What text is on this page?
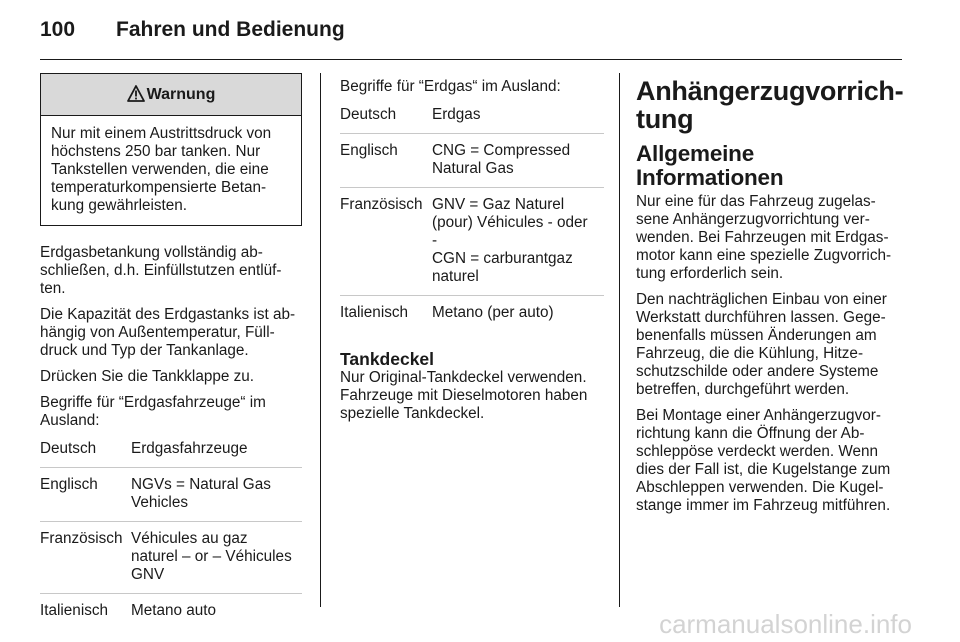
100 Fahren und Bedienung
Warnung
Nur mit einem Austrittsdruck von
höchstens 250 bar tanken. Nur
Tankstellen verwenden, die eine
temperaturkompensierte Betan-
kung gewährleisten.

Erdgasbetankung vollständig ab-
schließen, d.h. Einfüllstutzen entlüf-
ten.

Die Kapazität des Erdgastanks ist ab-
hängig von Außentemperatur, Füll-
druck und Typ der Tankanlage.

Drücken Sie die Tankklappe zu.

Begriffe für “Erdgasfahrzeuge“ im
Ausland:

Deutsch	Erdgasfahrzeuge
Englisch	NGVs = Natural Gas
Vehicles
Französisch Véhicules au gaz
naturel – or – Véhicules
GNV
Italienisch	Metano auto

Begriffe für “Erdgas“ im Ausland:

Deutsch	Erdgas
Englisch	CNG = Compressed
Natural Gas
Französisch GNV = Gaz Naturel
(pour) Véhicules - oder
-
CGN = carburantgaz
naturel
Italienisch	Metano (per auto)
Tankdeckel

Nur Original-Tankdeckel verwenden.
Fahrzeuge mit Dieselmotoren haben
spezielle Tankdeckel.

Anhängerzugvorrich-
tung
Allgemeine Informationen

Nur eine für das Fahrzeug zugelas-
sene Anhängerzugvorrichtung ver-
wenden. Bei Fahrzeugen mit Erdgas-
motor kann eine spezielle Zugvorrich-
tung erforderlich sein.

Den nachträglichen Einbau von einer
Werkstatt durchführen lassen. Gege-
benenfalls müssen Änderungen am
Fahrzeug, die die Kühlung, Hitze-
schutzschilde oder andere Systeme
betreffen, durchgeführt werden.

Bei Montage einer Anhängerzugvor-
richtung kann die Öffnung der Ab-
schleppöse verdeckt werden. Wenn
dies der Fall ist, die Kugelstange zum
Abschleppen verwenden. Die Kugel-
stange immer im Fahrzeug mitführen.

carmanualsonline.info
